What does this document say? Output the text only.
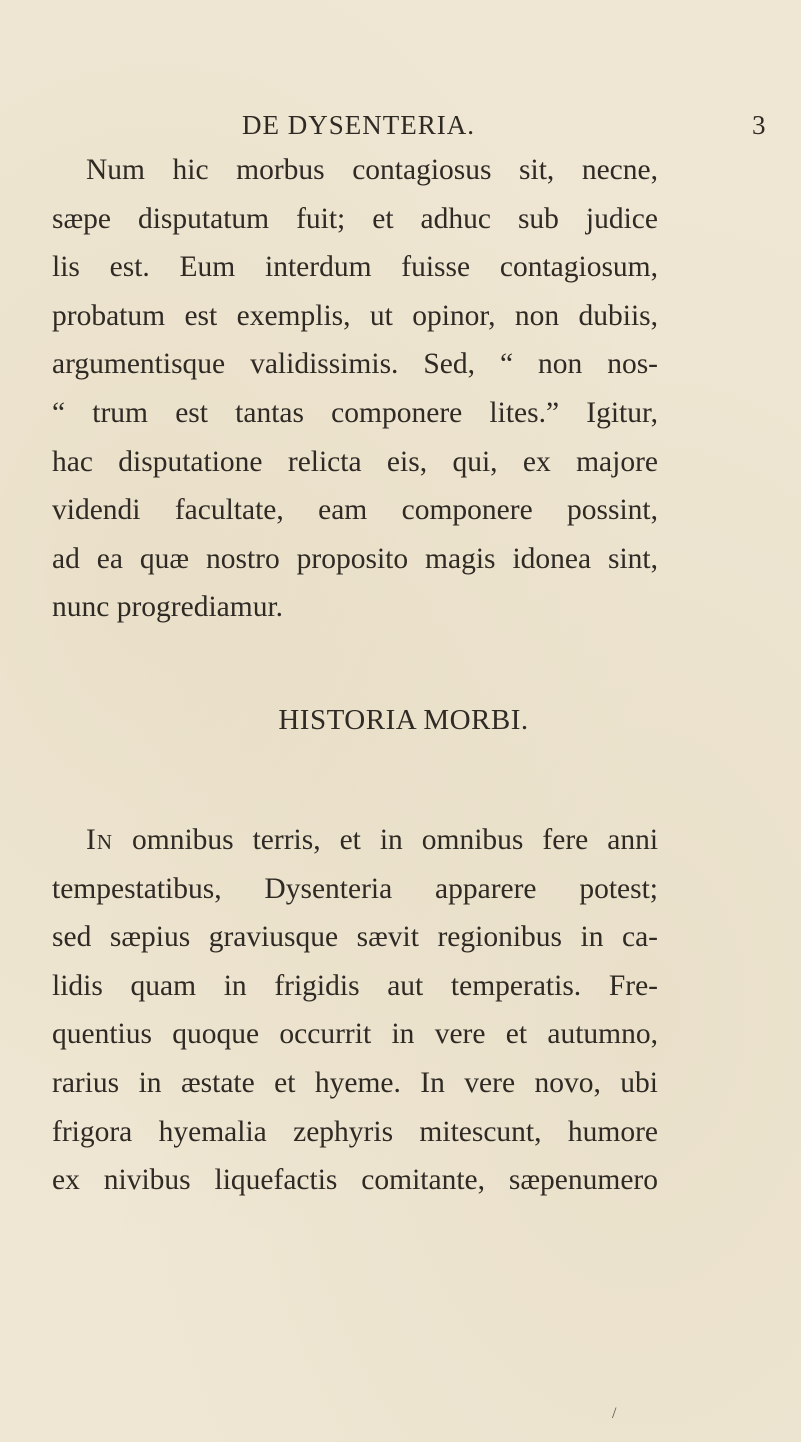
DE DYSENTERIA.	3
Num hic morbus contagiosus sit, necne,
sæpe disputatum fuit; et adhuc sub judice
lis est. Eum interdum fuisse contagiosum,
probatum est exemplis, ut opinor, non dubiis,
argumentisque validissimis. Sed, “ non nos-
“ trum est tantas componere lites.” Igitur,
hac disputatione relicta eis, qui, ex majore
videndi facultate, eam componere possint,
ad ea quæ nostro proposito magis idonea sint,
nunc progrediamur.
HISTORIA MORBI.
In omnibus terris, et in omnibus fere anni
tempestatibus, Dysenteria apparere potest;
sed sæpius graviusque sævit regionibus in ca-
lidis quam in frigidis aut temperatis. Fre-
quentius quoque occurrit in vere et autumno,
rarius in æstate et hyeme. In vere novo, ubi
frigora hyemalia zephyris mitescunt, humore
ex nivibus liquefactis comitante, sæpenumero
/
